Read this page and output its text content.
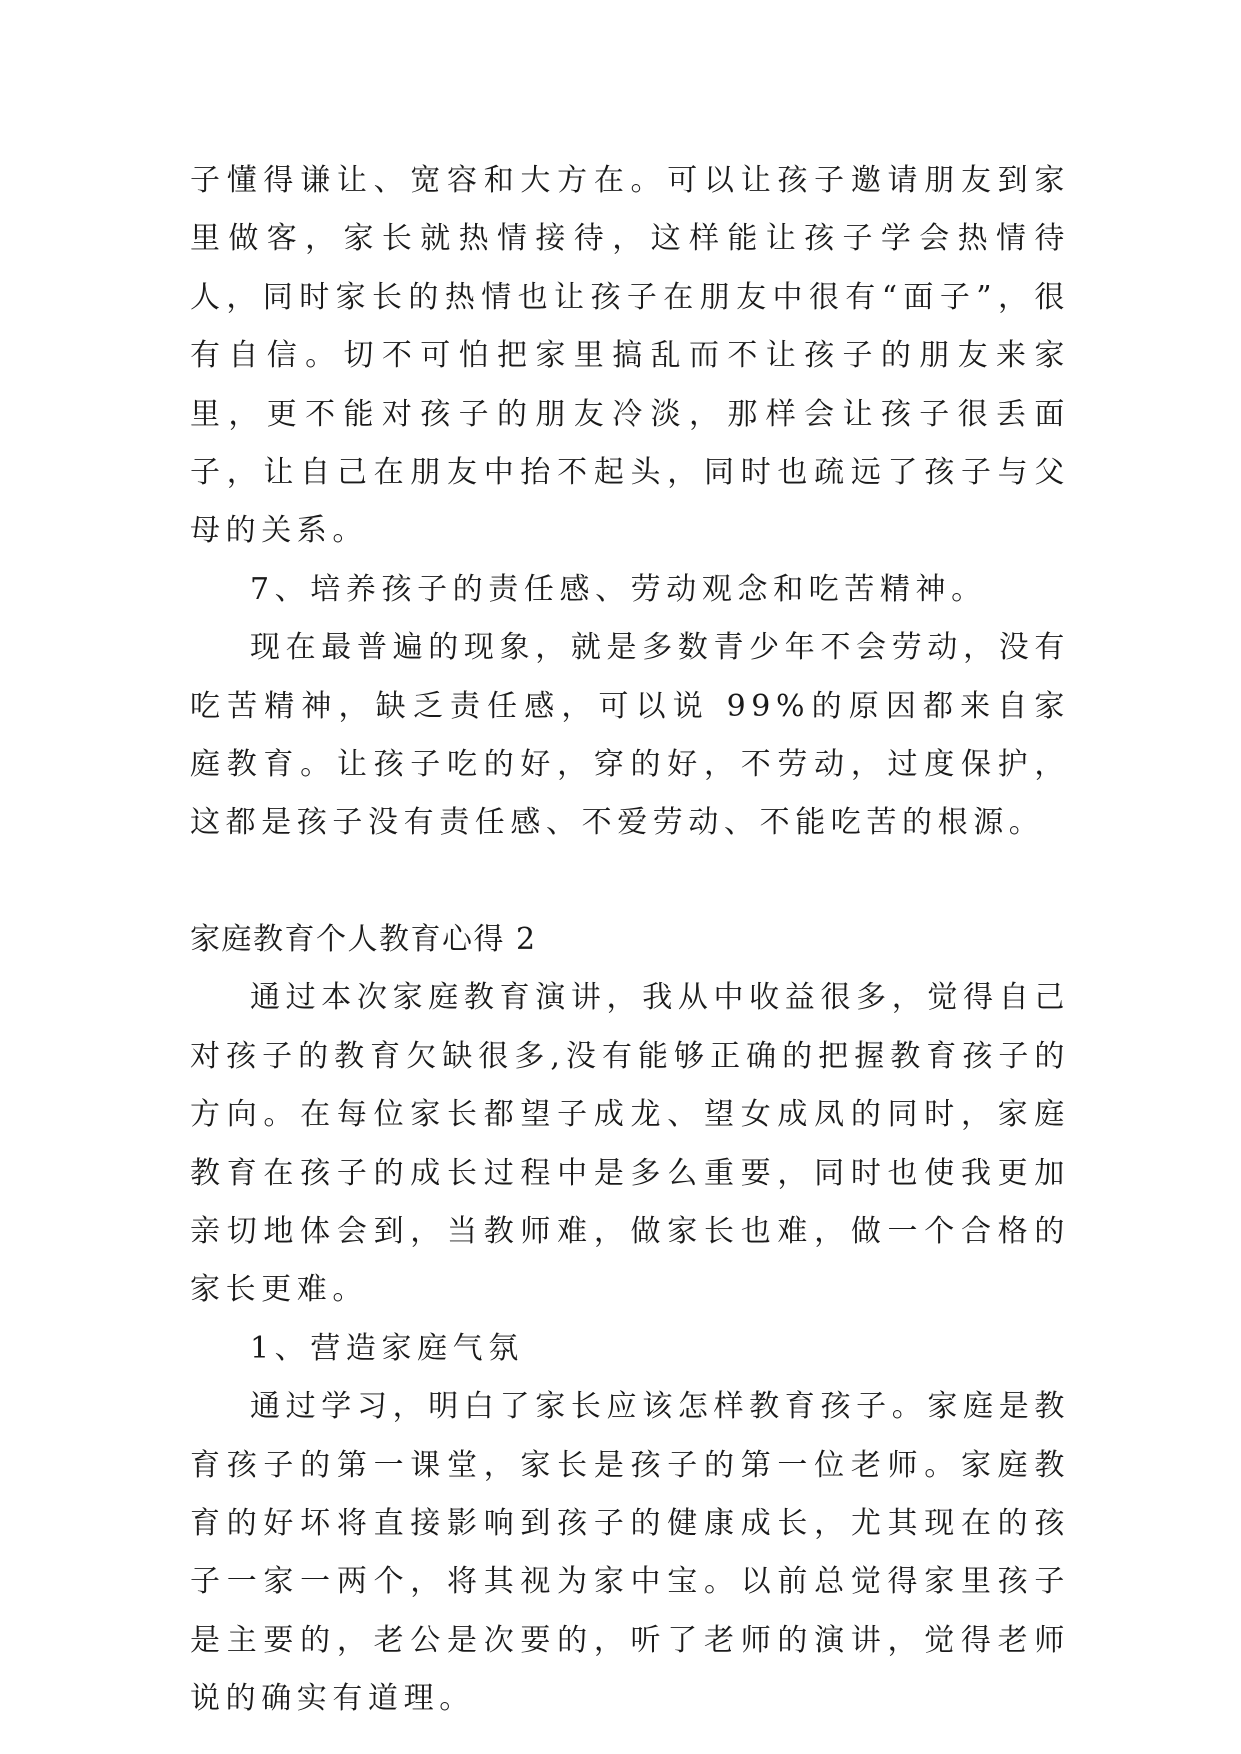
子懂得谦让、宽容和大方在。可以让孩子邀请朋友到家里做客，家长就热情接待，这样能让孩子学会热情待人，同时家长的热情也让孩子在朋友中很有“面子”，很有自信。切不可怕把家里搞乱而不让孩子的朋友来家里，更不能对孩子的朋友冷淡，那样会让孩子很丢面子，让自己在朋友中抬不起头，同时也疏远了孩子与父母的关系。

7、培养孩子的责任感、劳动观念和吃苦精神。

现在最普遍的现象，就是多数青少年不会劳动，没有吃苦精神，缺乏责任感，可以说 99%的原因都来自家庭教育。让孩子吃的好，穿的好，不劳动，过度保护，这都是孩子没有责任感、不爱劳动、不能吃苦的根源。

家庭教育个人教育心得 2

通过本次家庭教育演讲，我从中收益很多，觉得自己对孩子的教育欠缺很多,没有能够正确的把握教育孩子的方向。在每位家长都望子成龙、望女成凤的同时，家庭教育在孩子的成长过程中是多么重要，同时也使我更加亲切地体会到，当教师难，做家长也难，做一个合格的家长更难。

1、营造家庭气氛

通过学习，明白了家长应该怎样教育孩子。家庭是教育孩子的第一课堂，家长是孩子的第一位老师。家庭教育的好坏将直接影响到孩子的健康成长，尤其现在的孩子一家一两个，将其视为家中宝。以前总觉得家里孩子是主要的，老公是次要的，听了老师的演讲，觉得老师说的确实有道理。
